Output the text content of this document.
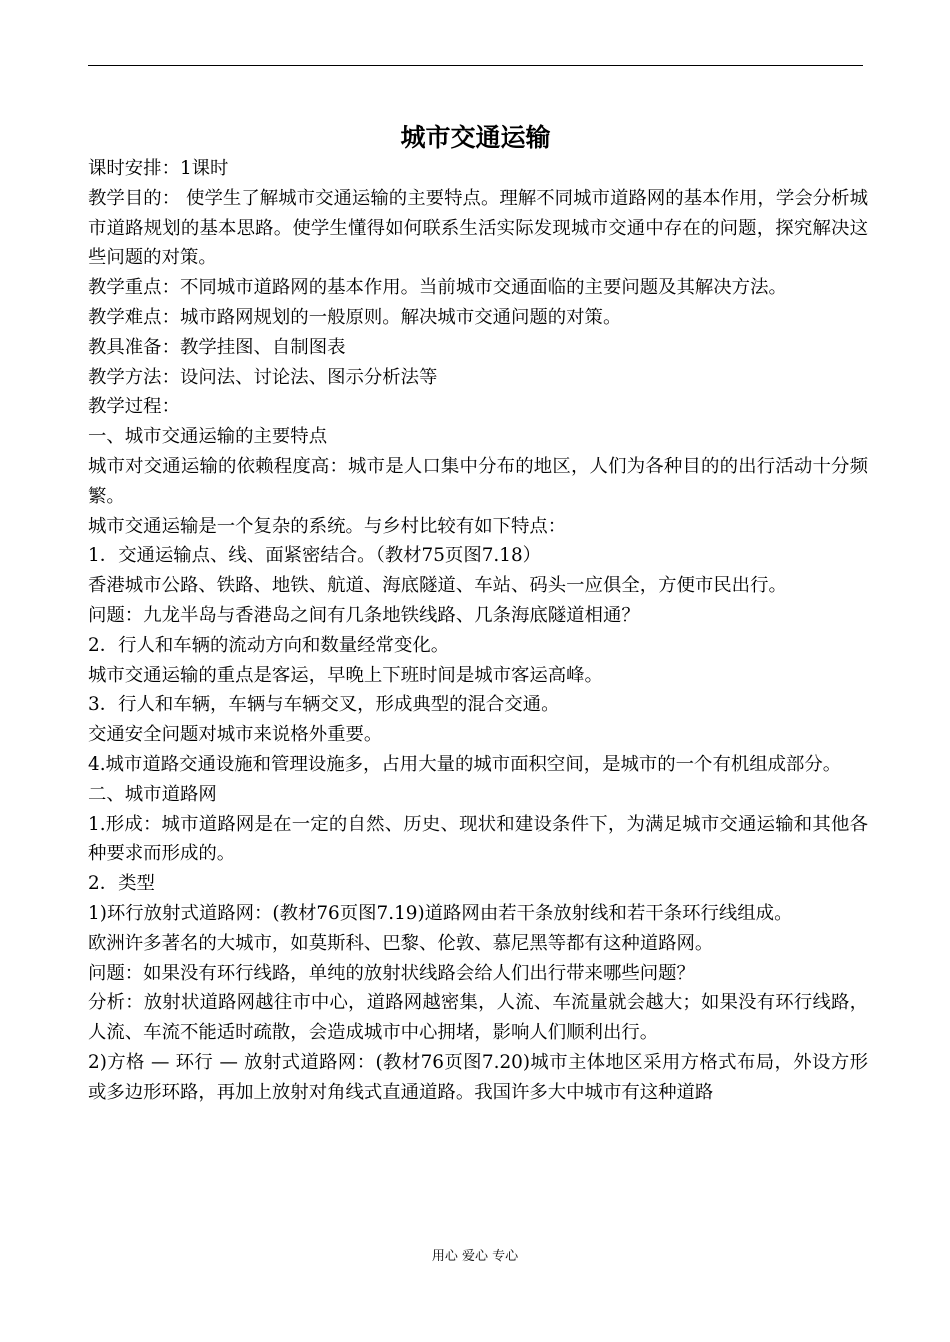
城市交通运输

课时安排：1课时

教学目的： 使学生了解城市交通运输的主要特点。理解不同城市道路网的基本作用，学会分析城市道路规划的基本思路。使学生懂得如何联系生活实际发现城市交通中存在的问题，探究解决这些问题的对策。

教学重点：不同城市道路网的基本作用。当前城市交通面临的主要问题及其解决方法。

教学难点：城市路网规划的一般原则。解决城市交通问题的对策。

教具准备：教学挂图、自制图表

教学方法：设问法、讨论法、图示分析法等

教学过程：

一、城市交通运输的主要特点

城市对交通运输的依赖程度高：城市是人口集中分布的地区，人们为各种目的的出行活动十分频繁。

城市交通运输是一个复杂的系统。与乡村比较有如下特点：

1．交通运输点、线、面紧密结合。（教材75页图7.18）

香港城市公路、铁路、地铁、航道、海底隧道、车站、码头一应俱全，方便市民出行。

问题：九龙半岛与香港岛之间有几条地铁线路、几条海底隧道相通？

2．行人和车辆的流动方向和数量经常变化。

城市交通运输的重点是客运，早晚上下班时间是城市客运高峰。

3．行人和车辆，车辆与车辆交叉，形成典型的混合交通。

交通安全问题对城市来说格外重要。

4.城市道路交通设施和管理设施多，占用大量的城市面积空间，是城市的一个有机组成部分。

二、城市道路网

1.形成：城市道路网是在一定的自然、历史、现状和建设条件下，为满足城市交通运输和其他各种要求而形成的。

2．类型

1)环行放射式道路网：(教材76页图7.19)道路网由若干条放射线和若干条环行线组成。

欧洲许多著名的大城市，如莫斯科、巴黎、伦敦、慕尼黑等都有这种道路网。

问题：如果没有环行线路，单纯的放射状线路会给人们出行带来哪些问题？

分析：放射状道路网越往市中心，道路网越密集，人流、车流量就会越大；如果没有环行线路，人流、车流不能适时疏散，会造成城市中心拥堵，影响人们顺利出行。

2)方格 — 环行 — 放射式道路网：(教材76页图7.20)城市主体地区采用方格式布局，外设方形或多边形环路，再加上放射对角线式直通道路。我国许多大中城市有这种道路

用心 爱心 专心
